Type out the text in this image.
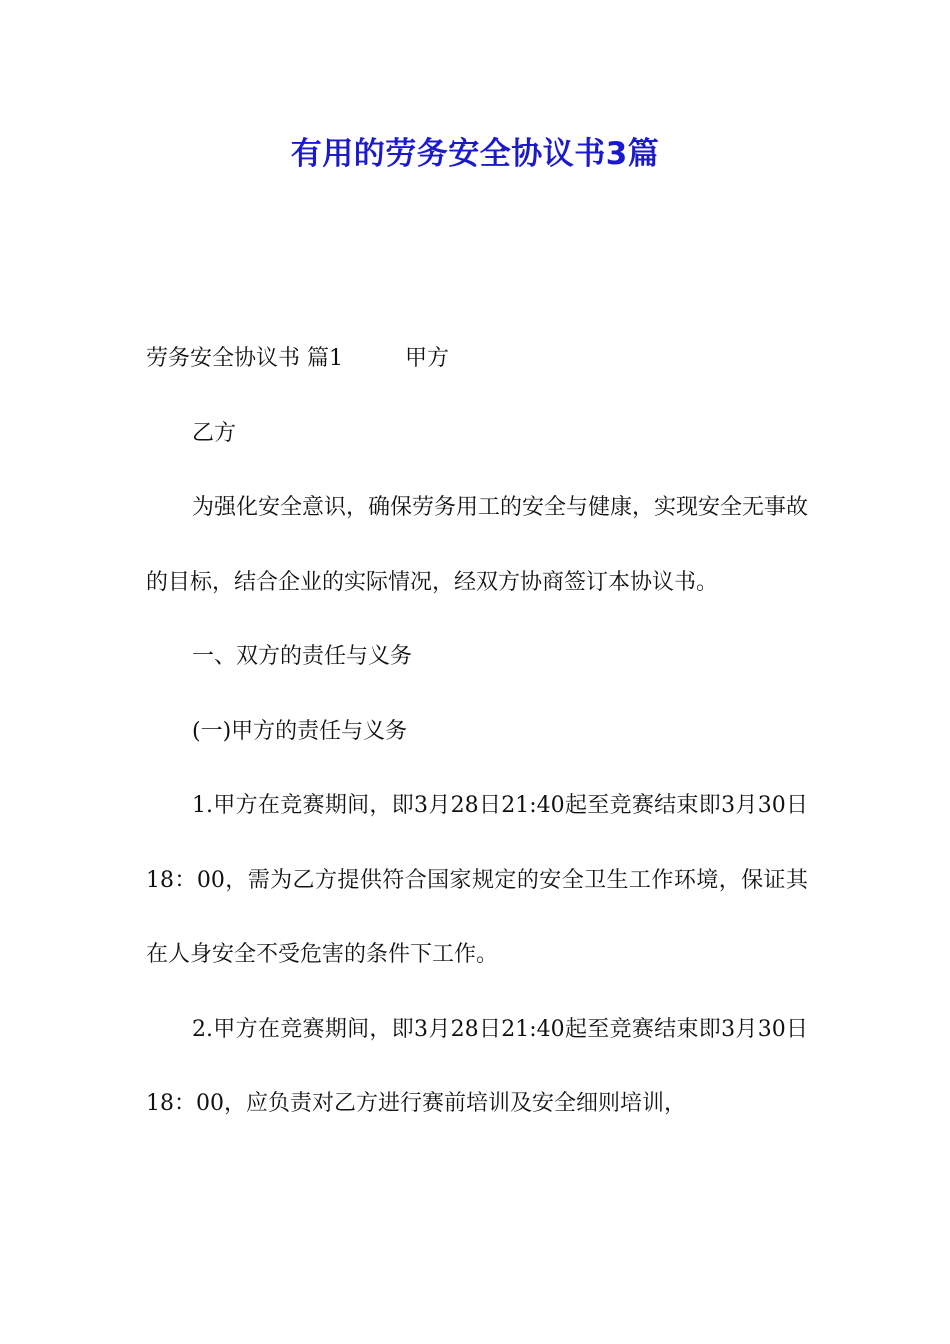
有用的劳务安全协议书3篇

劳务安全协议书 篇1	甲方

乙方

为强化安全意识，确保劳务用工的安全与健康，实现安全无事故的目标，结合企业的实际情况，经双方协商签订本协议书。

一、双方的责任与义务

(一)甲方的责任与义务

1.甲方在竞赛期间，即3月28日21:40起至竞赛结束即3月30日18：00，需为乙方提供符合国家规定的安全卫生工作环境，保证其在人身安全不受危害的条件下工作。

2.甲方在竞赛期间，即3月28日21:40起至竞赛结束即3月30日18：00，应负责对乙方进行赛前培训及安全细则培训，
